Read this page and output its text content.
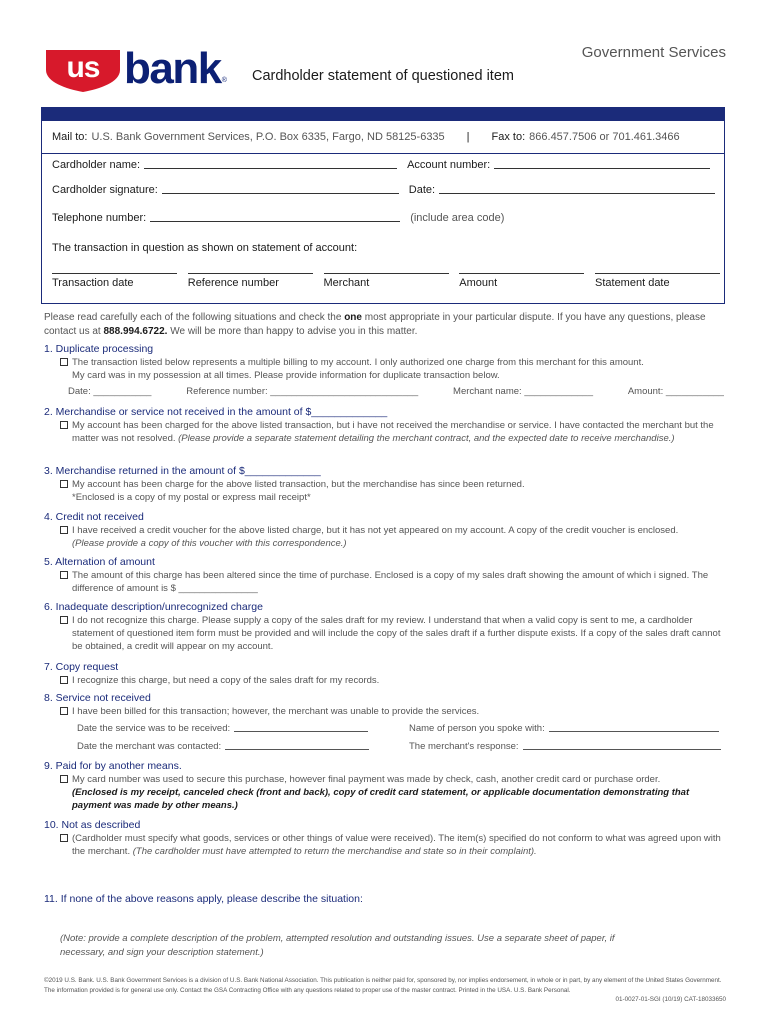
us bank ®
Government Services
Cardholder statement of questioned item
Mail to: U.S. Bank Government Services, P.O. Box 6335, Fargo, ND 58125-6335 | Fax to: 866.457.7506 or 701.461.3466
Cardholder name:	Account number:
Cardholder signature:	Date:
Telephone number:	(include area code)
The transaction in question as shown on statement of account:
Transaction date	Reference number	Merchant	Amount	Statement date
Please read carefully each of the following situations and check the one most appropriate in your particular dispute. If you have any questions, please contact us at 888.994.6722. We will be more than happy to advise you in this matter.
1. Duplicate processing
The transaction listed below represents a multiple billing to my account. I only authorized one charge from this merchant for this amount.
My card was in my possession at all times. Please provide information for duplicate transaction below.
Date: ___________	Reference number: ____________________________	Merchant name: _____________	Amount: ___________
2. Merchandise or service not received in the amount of $_____________
My account has been charged for the above listed transaction, but i have not received the merchandise or service. I have contacted the merchant but the matter was not resolved. (Please provide a separate statement detailing the merchant contract, and the expected date to receive merchandise.)
3. Merchandise returned in the amount of $_____________
My account has been charge for the above listed transaction, but the merchandise has since been returned.
*Enclosed is a copy of my postal or express mail receipt*
4. Credit not received
I have received a credit voucher for the above listed charge, but it has not yet appeared on my account. A copy of the credit voucher is enclosed.
(Please provide a copy of this voucher with this correspondence.)
5. Alternation of amount
The amount of this charge has been altered since the time of purchase. Enclosed is a copy of my sales draft showing the amount of which i signed. The difference of amount is $ _______________
6. Inadequate description/unrecognized charge
I do not recognize this charge. Please supply a copy of the sales draft for my review. I understand that when a valid copy is sent to me, a cardholder statement of questioned item form must be provided and will include the copy of the sales draft if a further dispute exists. If a copy of the sales draft cannot be obtained, a credit will appear on my account.
7. Copy request
I recognize this charge, but need a copy of the sales draft for my records.
8. Service not received
I have been billed for this transaction; however, the merchant was unable to provide the services.
Date the service was to be received:	Name of person you spoke with:
Date the merchant was contacted:	The merchant's response:
9. Paid for by another means.
My card number was used to secure this purchase, however final payment was made by check, cash, another credit card or purchase order.
(Enclosed is my receipt, canceled check (front and back), copy of credit card statement, or applicable documentation demonstrating that payment was made by other means.)
10. Not as described
(Cardholder must specify what goods, services or other things of value were received). The item(s) specified do not conform to what was agreed upon with the merchant. (The cardholder must have attempted to return the merchandise and state so in their complaint).
11. If none of the above reasons apply, please describe the situation:
(Note: provide a complete description of the problem, attempted resolution and outstanding issues. Use a separate sheet of paper, if necessary, and sign your description statement.)
©2019 U.S. Bank. U.S. Bank Government Services is a division of U.S. Bank National Association. This publication is neither paid for, sponsored by, nor implies endorsement, in whole or in part, by any element of the United States Government.
The information provided is for general use only. Contact the GSA Contracting Office with any questions related to proper use of the master contract. Printed in the USA. U.S. Bank Personal.
01-0027-01-SGI (10/19) CAT-18033650
